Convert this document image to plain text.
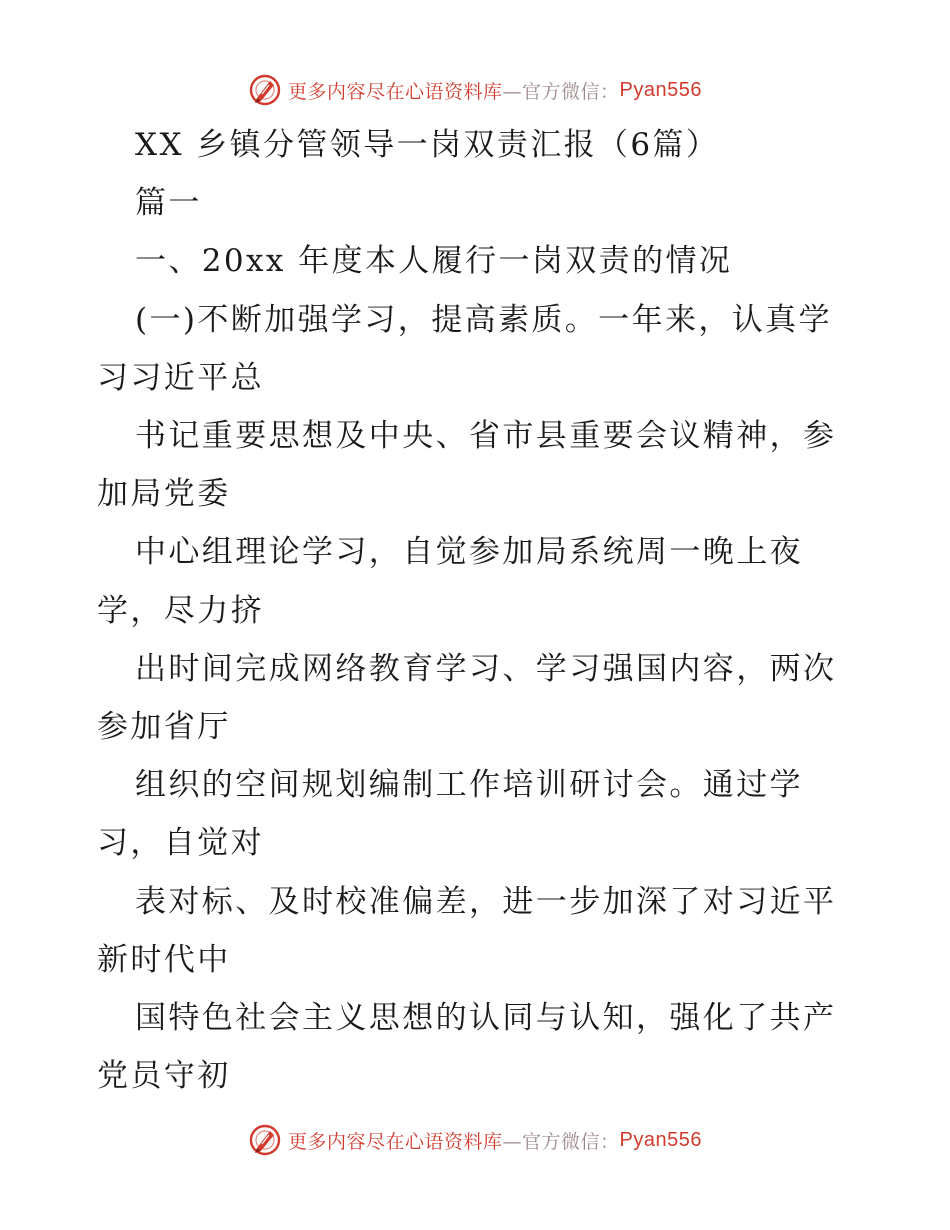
更多内容尽在心语资料库 —官方微信： Pyan556

XX 乡镇分管领导一岗双责汇报（6篇）

篇一

一、20xx 年度本人履行一岗双责的情况

(一)不断加强学习，提高素质。一年来，认真学

习习近平总

书记重要思想及中央、省市县重要会议精神，参

加局党委

中心组理论学习，自觉参加局系统周一晚上夜

学，尽力挤

出时间完成网络教育学习、学习强国内容，两次

参加省厅

组织的空间规划编制工作培训研讨会。通过学

习，自觉对

表对标、及时校准偏差，进一步加深了对习近平

新时代中

国特色社会主义思想的认同与认知，强化了共产

党员守初

更多内容尽在心语资料库 —官方微信： Pyan556
